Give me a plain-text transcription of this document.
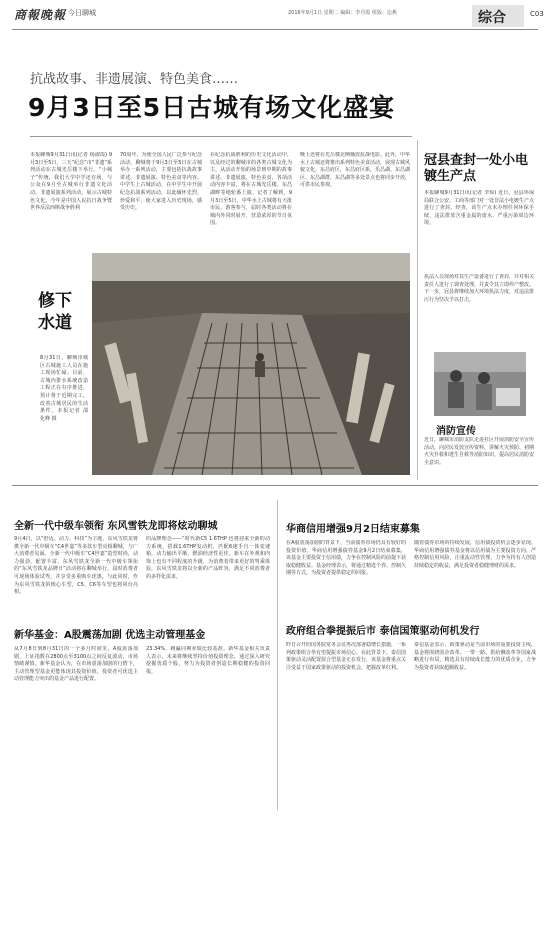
商報晚報 今日聊城	2016年9月1日 星期二 编辑：李丹霞 组版：边燕	综合	C03
抗战故事、非遗展演、特色美食……
9月3日至5日古城有场文化盛宴
本报聊城9月31日讯(记者 杨淑霞) 9月3日至5日，三天“纪念”市“非遗”系列活动在古城光岳楼下举行。“小城子”传统，我们大学中学还有场，与公众在9月至古城举行非遗文化活动、非遗展演系列活动，展示古城特色文化。今年是中国人民抗日战争暨世界反法西斯战争胜利
70周年，为使全国人民广泛参与纪念活动，聊城将于9月3日至5日在古城举办一系列活动，主要包括抗战故事讲述、非遗展演、特色美食等内容。中学生上古城活动，在中学生中开展纪念抗战系列活动，以此缅怀先烈、珍爱和平，使大家进入历史现场，感受历史。
在纪念抗战胜利的历史文化活动中，以及经过的聊城市的各类古城文化为主，从活动开始的场景到中期的故事讲述、非遗展演、特色美食，各项活动内容丰富，将在古城光岳楼、东昌湖畔等地轮番上演。记者了解到，9月3日至5日，中华水上古城将有大批市民、游客参与，届时各类活动将在城内外同时展开，营造浓厚的节日氛围。
晚上还将在光岳楼北侧播放抗战电影。此外，中华水上古城还将推出系列特色美食活动，展现古城风貌文化，东昌府区，东昌府区系，乐昌湖、东昌湖区、东昌湖群，东昌湖等多处景点也将同步开放，可供市民参观。
修下水道
8月31日，聊城市城区古城施工人员在施工现场忙碌。目前，古城内排水系统改造工程正在有序推进，预计将于近期完工，改善古城居民的生活条件。本报记者 邵 化峰 摄
冠县查封一处小电镀生产点
本报聊城9月31日讯(记者 李琼) 近日，冠县环保局联合公安、工商等部门对一处非法小电镀生产点进行了查封。经查，该生产点未办理任何环保手续，违法排放含重金属的废水，严重污染周边环境。
执法人员现场对其生产设备进行了查封，并对相关责任人进行了调查处理，并责令其立即停产整改。下一步，冠县将继续加大环境执法力度，对违法排污行为坚决予以打击。
消防宣传
近日，聊城市消防支队走进社区开展消防安全宣传活动，向居民发放宣传资料，讲解火灾预防、初期火灾扑救和逃生自救等消防知识，提高居民消防安全意识。
全新一代中级车领衔 东风雪铁龙即将炫动聊城
9月4日，以“舒适、动力、科技”为主题，东风雪铁龙将携全新一代中级车“C4世嘉”等多款车型亮相聊城，与广大消费者见面。全新一代中级车“C4世嘉”造型时尚，动力强劲，配置丰富。东风雪铁龙全新一代中级车领衔的“东风雪铁龙品牌日”活动将在聊城举行，届时消费者可现场体验试驾，并享受多重购车优惠。与此同时，作为东风雪铁龙的核心车型，C5、C6等车型也将同台亮相。
的品牌理念——“时代新C5 1.6THP 也将迎来全新的动力系统，搭载1.6THP发动机，匹配6速手自一体变速箱，动力输出平顺，燃油经济性更佳。新车在外观和内饰上也有不同程度的升级，为消费者带来更好的驾乘体验。东风雪铁龙将以全新的产品阵容，满足不同消费者的多样化需求。
新华基金：A股震荡加剧 优选主动管理基金
从7月8日到8月31日的一个多月时间里，A股震荡加剧，上证指数在2800点至3100点之间反复波动，市场情绪谨慎。新华基金认为，在市场震荡加剧的行情下，主动管理型基金更能体现其投资价值，投资者可优选主动管理能力突出的基金产品进行配置。
23.34%，跑赢同期业绩比较基准。新华基金相关负责人表示，未来将继续坚持价值投资理念，通过深入研究挖掘优质个股，努力为投资者创造长期稳健的投资回报。
华商信用增强9月2日结束募集
在A股震荡加剧的背景下，当前债券市场仍具有较好的投资价值。华商信用增强债券基金9月2日结束募集，该基金主要投资于信用债，力争在控制风险的前提下获取稳健收益。基金经理表示，将通过精选个券、控制久期等方式，为投资者提供稳定的回报。
随着债券市场的持续发展，信用债投资机会逐步显现。华商信用增强债券基金将以信用债为主要投资方向，严格控制信用风险，注重流动性管理，力争为持有人创造持续稳定的收益，满足投资者稳健理财的需求。
政府组合拳提振后市 泰信国策驱动何机发行
昨日召开的国务院常务会议再次部署稳增长措施，一系列政策组合拳有望提振市场信心。在此背景下，泰信国策驱动灵活配置混合型基金正在发行，该基金将重点关注受益于国家政策驱动的投资机会，把握改革红利。
泰信基金表示，政策驱动是当前市场的重要投资主线，基金将围绕国企改革、一带一路、供给侧改革等国家战略进行布局，精选具有持续成长能力的优质企业，力争为投资者获取超额收益。
